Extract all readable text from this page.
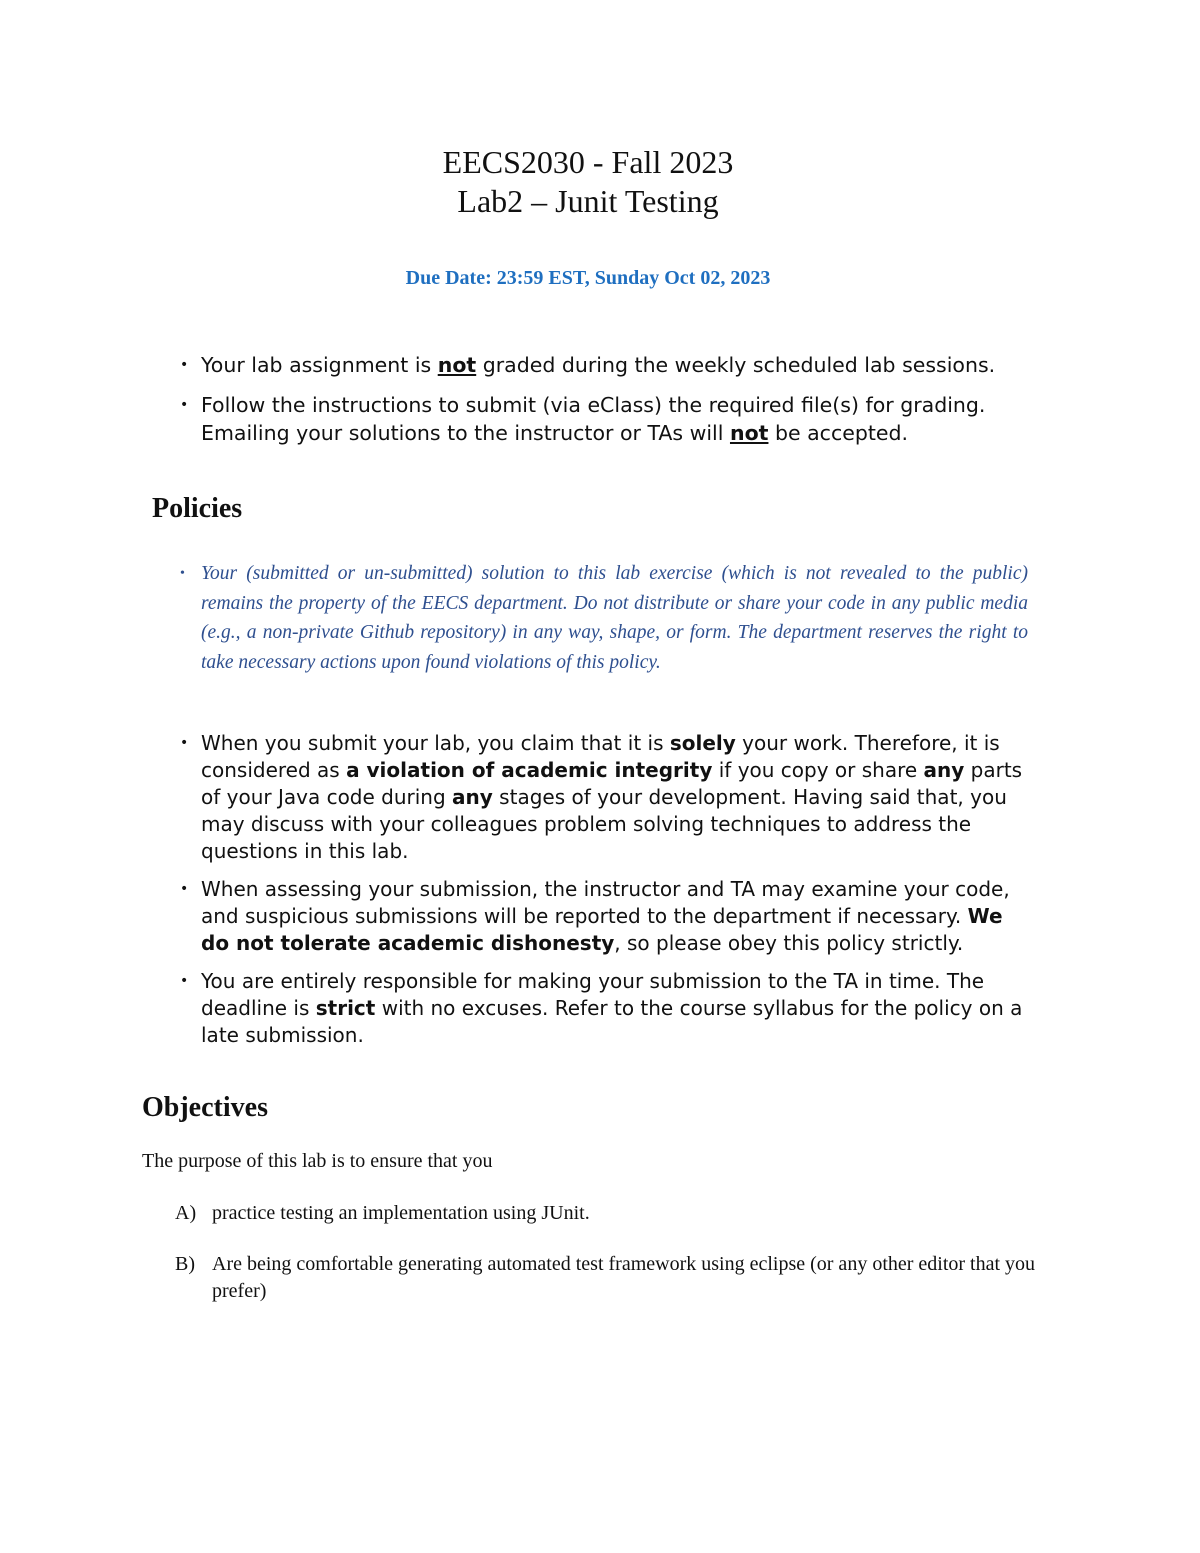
EECS2030 - Fall 2023
Lab2 – Junit Testing
Due Date: 23:59 EST, Sunday Oct 02, 2023
• Your lab assignment is not graded during the weekly scheduled lab sessions.
• Follow the instructions to submit (via eClass) the required file(s) for grading. Emailing your solutions to the instructor or TAs will not be accepted.
Policies
• Your (submitted or un-submitted) solution to this lab exercise (which is not revealed to the public) remains the property of the EECS department. Do not distribute or share your code in any public media (e.g., a non-private Github repository) in any way, shape, or form. The department reserves the right to take necessary actions upon found violations of this policy.
• When you submit your lab, you claim that it is solely your work. Therefore, it is considered as a violation of academic integrity if you copy or share any parts of your Java code during any stages of your development. Having said that, you may discuss with your colleagues problem solving techniques to address the questions in this lab.
• When assessing your submission, the instructor and TA may examine your code, and suspicious submissions will be reported to the department if necessary. We do not tolerate academic dishonesty, so please obey this policy strictly.
• You are entirely responsible for making your submission to the TA in time. The deadline is strict with no excuses. Refer to the course syllabus for the policy on a late submission.
Objectives
The purpose of this lab is to ensure that you
A) practice testing an implementation using JUnit.
B) Are being comfortable generating automated test framework using eclipse (or any other editor that you prefer)
